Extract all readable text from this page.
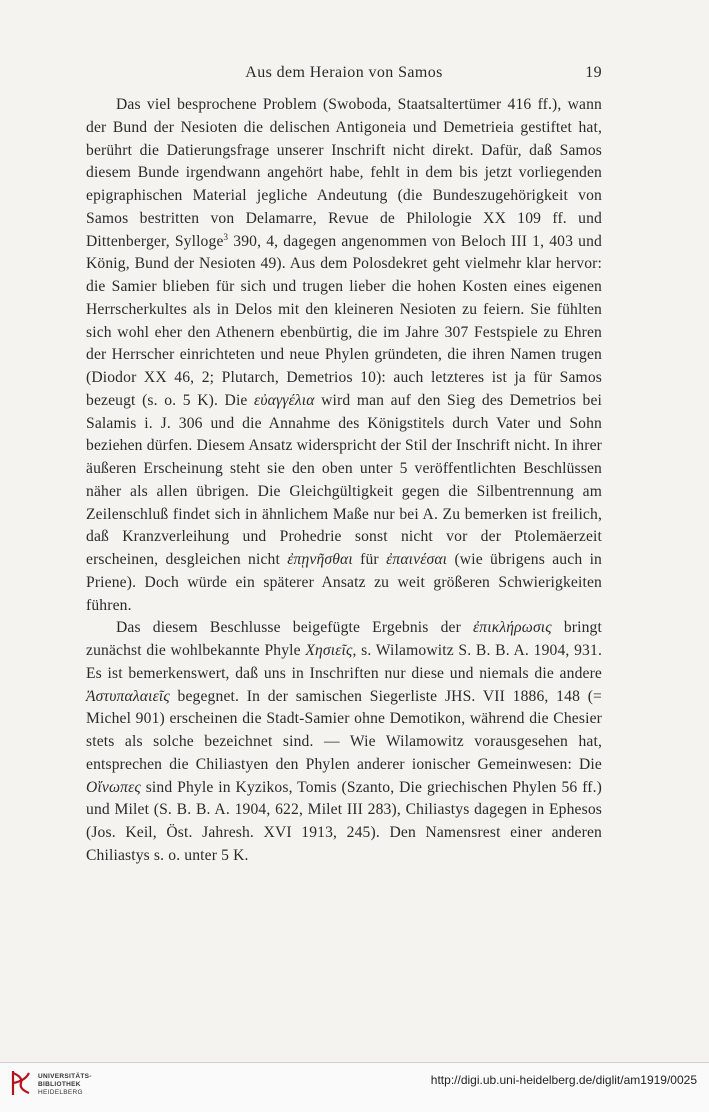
Aus dem Heraion von Samos	19

Das viel besprochene Problem (Swoboda, Staatsaltertümer 416 ff.), wann der Bund der Nesioten die delischen Antigoneia und Demetrieia gestiftet hat, berührt die Datierungsfrage unserer Inschrift nicht direkt. Dafür, daß Samos diesem Bunde irgendwann angehört habe, fehlt in dem bis jetzt vorliegenden epigraphischen Material jegliche Andeutung (die Bundeszugehörigkeit von Samos bestritten von Delamarre, Revue de Philologie XX 109 ff. und Dittenberger, Sylloge$^3$ 390, 4, dagegen angenommen von Beloch III 1, 403 und König, Bund der Nesioten 49). Aus dem Polosdekret geht vielmehr klar hervor: die Samier blieben für sich und trugen lieber die hohen Kosten eines eigenen Herrscherkultes als in Delos mit den kleineren Nesioten zu feiern. Sie fühlten sich wohl eher den Athenern ebenbürtig, die im Jahre 307 Festspiele zu Ehren der Herrscher einrichteten und neue Phylen gründeten, die ihren Namen trugen (Diodor XX 46, 2; Plutarch, Demetrios 10): auch letzteres ist ja für Samos bezeugt (s. o. 5 K). Die εὐαγγέλια wird man auf den Sieg des Demetrios bei Salamis i. J. 306 und die Annahme des Königstitels durch Vater und Sohn beziehen dürfen. Diesem Ansatz widerspricht der Stil der Inschrift nicht. In ihrer äußeren Erscheinung steht sie den oben unter 5 veröffentlichten Beschlüssen näher als allen übrigen. Die Gleichgültigkeit gegen die Silbentrennung am Zeilenschluß findet sich in ähnlichem Maße nur bei A. Zu bemerken ist freilich, daß Kranzverleihung und Prohedrie sonst nicht vor der Ptolemäerzeit erscheinen, desgleichen nicht ἐπῃνῆσθαι für ἐπαινέσαι (wie übrigens auch in Priene). Doch würde ein späterer Ansatz zu weit größeren Schwierigkeiten führen.

Das diesem Beschlusse beigefügte Ergebnis der ἐπικλήρωσις bringt zunächst die wohlbekannte Phyle Χησιεῖς, s. Wilamowitz S. B. B. A. 1904, 931. Es ist bemerkenswert, daß uns in Inschriften nur diese und niemals die andere Ἀστυπαλαιεῖς begegnet. In der samischen Siegerliste JHS. VII 1886, 148 (= Michel 901) erscheinen die Stadt-Samier ohne Demotikon, während die Chesier stets als solche bezeichnet sind. — Wie Wilamowitz vorausgesehen hat, entsprechen die Chiliastyen den Phylen anderer ionischer Gemeinwesen: Die Οἴνωπες sind Phyle in Kyzikos, Tomis (Szanto, Die griechischen Phylen 56 ff.) und Milet (S. B. B. A. 1904, 622, Milet III 283), Chiliastys dagegen in Ephesos (Jos. Keil, Öst. Jahresh. XVI 1913, 245). Den Namensrest einer anderen Chiliastys s. o. unter 5 K.

UNIVERSITÄTS-
BIBLIOTHEK
HEIDELBERG
http://digi.ub.uni-heidelberg.de/diglit/am1919/0025
